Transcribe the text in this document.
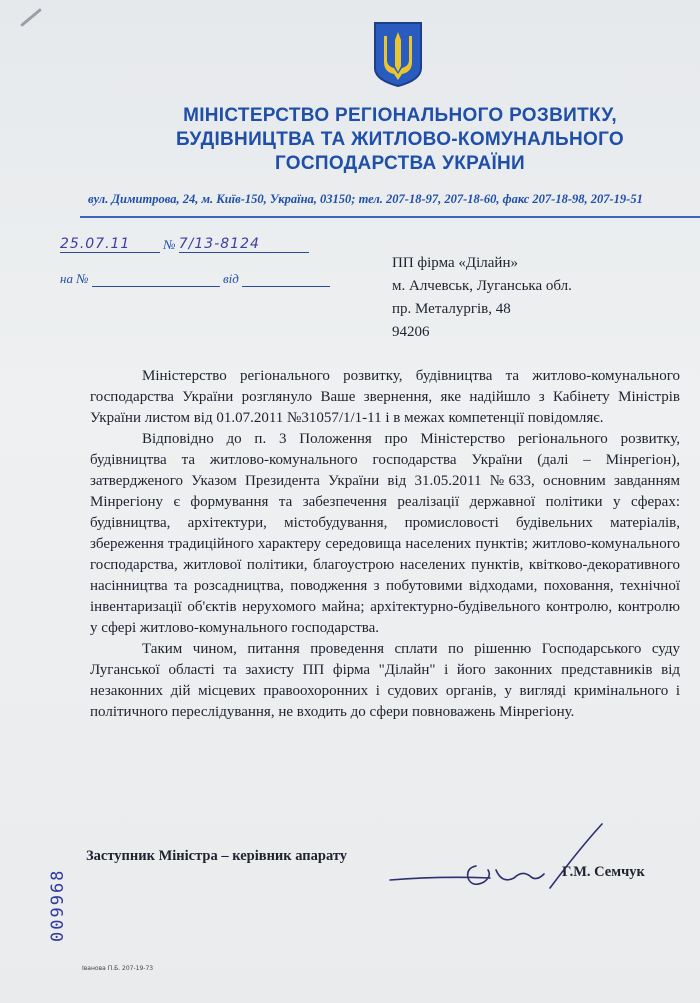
МІНІСТЕРСТВО РЕГІОНАЛЬНОГО РОЗВИТКУ,
БУДІВНИЦТВА ТА ЖИТЛОВО-КОМУНАЛЬНОГО
ГОСПОДАРСТВА УКРАЇНИ
вул. Димитрова, 24, м. Київ-150, Україна, 03150; тел. 207-18-97, 207-18-60, факс 207-18-98, 207-19-51
25.07.11	№ 7/13-8124
на №	від
ПП фірма «Ділайн»
м. Алчевськ, Луганська обл.
пр. Металургів, 48
94206

Міністерство регіонального розвитку, будівництва та житлово-комунального господарства України розглянуло Ваше звернення, яке надійшло з Кабінету Міністрів України листом від 01.07.2011 №31057/1/1-11 і в межах компетенції повідомляє.

Відповідно до п. 3 Положення про Міністерство регіонального розвитку, будівництва та житлово-комунального господарства України (далі – Мінрегіон), затвердженого Указом Президента України від 31.05.2011 №633, основним завданням Мінрегіону є формування та забезпечення реалізації державної політики у сферах: будівництва, архітектури, містобудування, промисловості будівельних матеріалів, збереження традиційного характеру середовища населених пунктів; житлово-комунального господарства, житлової політики, благоустрою населених пунктів, квітково-декоративного насінництва та розсадництва, поводження з побутовими відходами, поховання, технічної інвентаризації об'єктів нерухомого майна; архітектурно-будівельного контролю, контролю у сфері житлово-комунального господарства.

Таким чином, питання проведення сплати по рішенню Господарського суду Луганської області та захисту ПП фірма "Ділайн" і його законних представників від незаконних дій місцевих правоохоронних і судових органів, у вигляді кримінального і політичного переслідування, не входить до сфери повноважень Мінрегіону.

Заступник Міністра – керівник апарату
Г.М. Семчук
009968
Іванова П.Б. 207-19-73
